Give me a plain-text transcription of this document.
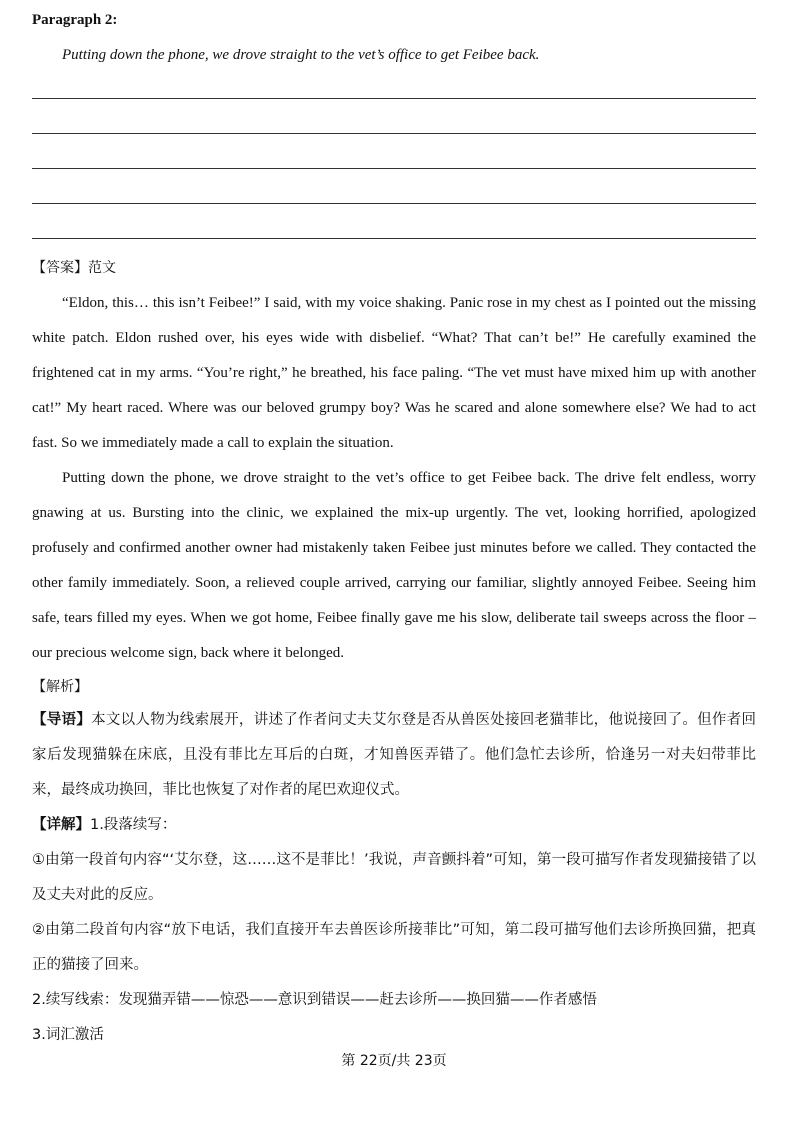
Paragraph 2:
Putting down the phone, we drove straight to the vet’s office to get Feibee back.
【答案】范文

“Eldon, this… this isn’t Feibee!” I said, with my voice shaking. Panic rose in my chest as I pointed out the missing white patch. Eldon rushed over, his eyes wide with disbelief. “What? That can’t be!” He carefully examined the frightened cat in my arms. “You’re right,” he breathed, his face paling. “The vet must have mixed him up with another cat!” My heart raced. Where was our beloved grumpy boy? Was he scared and alone somewhere else? We had to act fast. So we immediately made a call to explain the situation.

Putting down the phone, we drove straight to the vet’s office to get Feibee back. The drive felt endless, worry gnawing at us. Bursting into the clinic, we explained the mix-up urgently. The vet, looking horrified, apologized profusely and confirmed another owner had mistakenly taken Feibee just minutes before we called. They contacted the other family immediately. Soon, a relieved couple arrived, carrying our familiar, slightly annoyed Feibee. Seeing him safe, tears filled my eyes. When we got home, Feibee finally gave me his slow, deliberate tail sweeps across the floor – our precious welcome sign, back where it belonged.

【解析】

【导语】本文以人物为线索展开，讲述了作者问丈夫艾尔登是否从兽医处接回老猫菲比，他说接回了。但作者回家后发现猫躲在床底，且没有菲比左耳后的白斑，才知兽医弄错了。他们急忙去诊所，恰逢另一对夫妇带菲比来，最终成功换回，菲比也恢复了对作者的尾巴欢迎仪式。

【详解】1.段落续写：

①由第一段首句内容“‘艾尔登，这……这不是菲比！’我说，声音颤抖着”可知，第一段可描写作者发现猫接错了以及丈夫对此的反应。

②由第二段首句内容“放下电话，我们直接开车去兽医诊所接菲比”可知，第二段可描写他们去诊所换回猫，把真正的猫接了回来。

2.续写线索：发现猫弄错——惊恐——意识到错误——赶去诊所——换回猫——作者感悟

3.词汇激活

第 22页/共 23页
